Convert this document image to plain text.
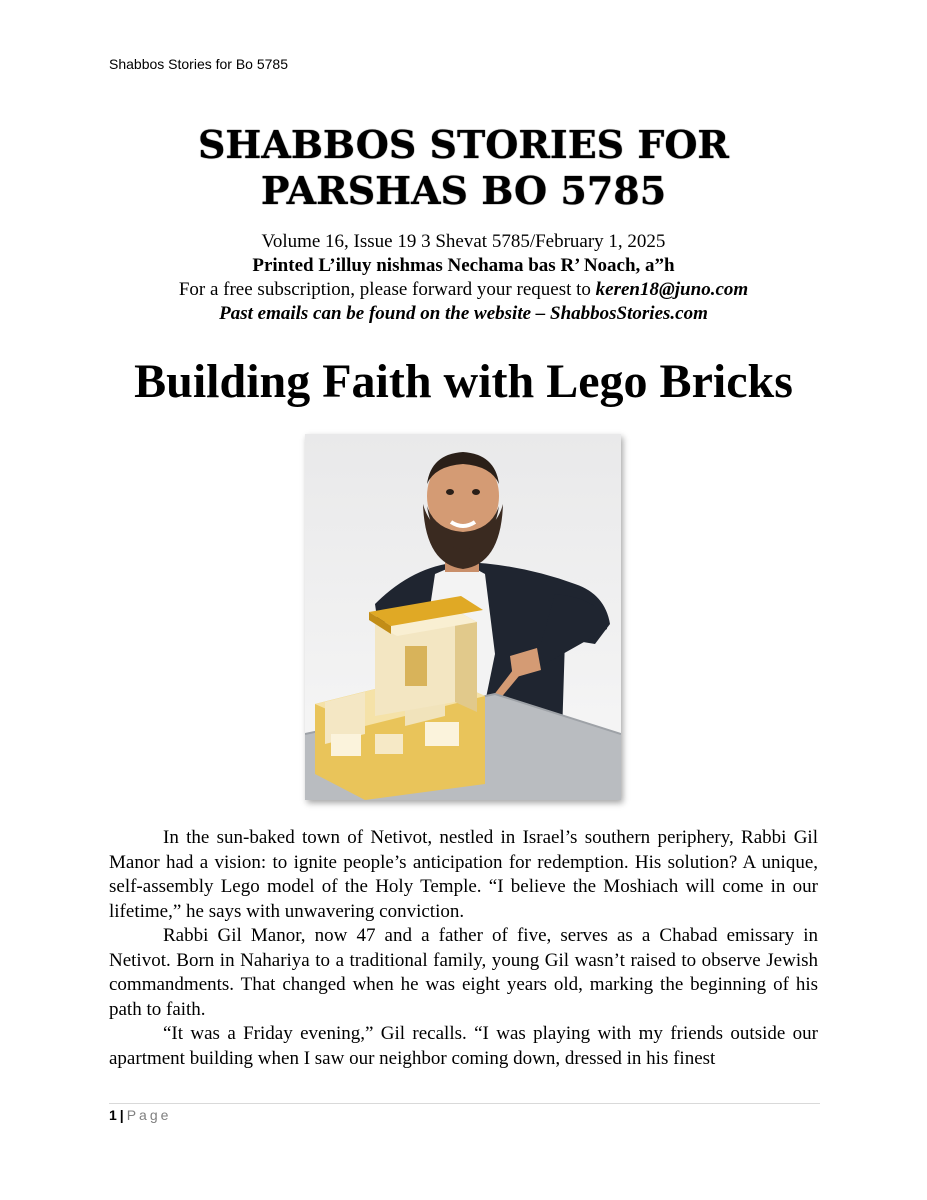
Shabbos Stories for Bo 5785
SHABBOS STORIES FOR
PARSHAS BO 5785
Volume 16, Issue 19 3 Shevat 5785/February 1, 2025
Printed L’illuy nishmas Nechama bas R’ Noach, a”h
For a free subscription, please forward your request to keren18@juno.com
Past emails can be found on the website – ShabbosStories.com
Building Faith with Lego Bricks

In the sun-baked town of Netivot, nestled in Israel’s southern periphery, Rabbi Gil Manor had a vision: to ignite people’s anticipation for redemption. His solution? A unique, self-assembly Lego model of the Holy Temple. “I believe the Moshiach will come in our lifetime,” he says with unwavering conviction.

Rabbi Gil Manor, now 47 and a father of five, serves as a Chabad emissary in Netivot. Born in Nahariya to a traditional family, young Gil wasn’t raised to observe Jewish commandments. That changed when he was eight years old, marking the beginning of his path to faith.

“It was a Friday evening,” Gil recalls. “I was playing with my friends outside our apartment building when I saw our neighbor coming down, dressed in his finest

1 | Page
